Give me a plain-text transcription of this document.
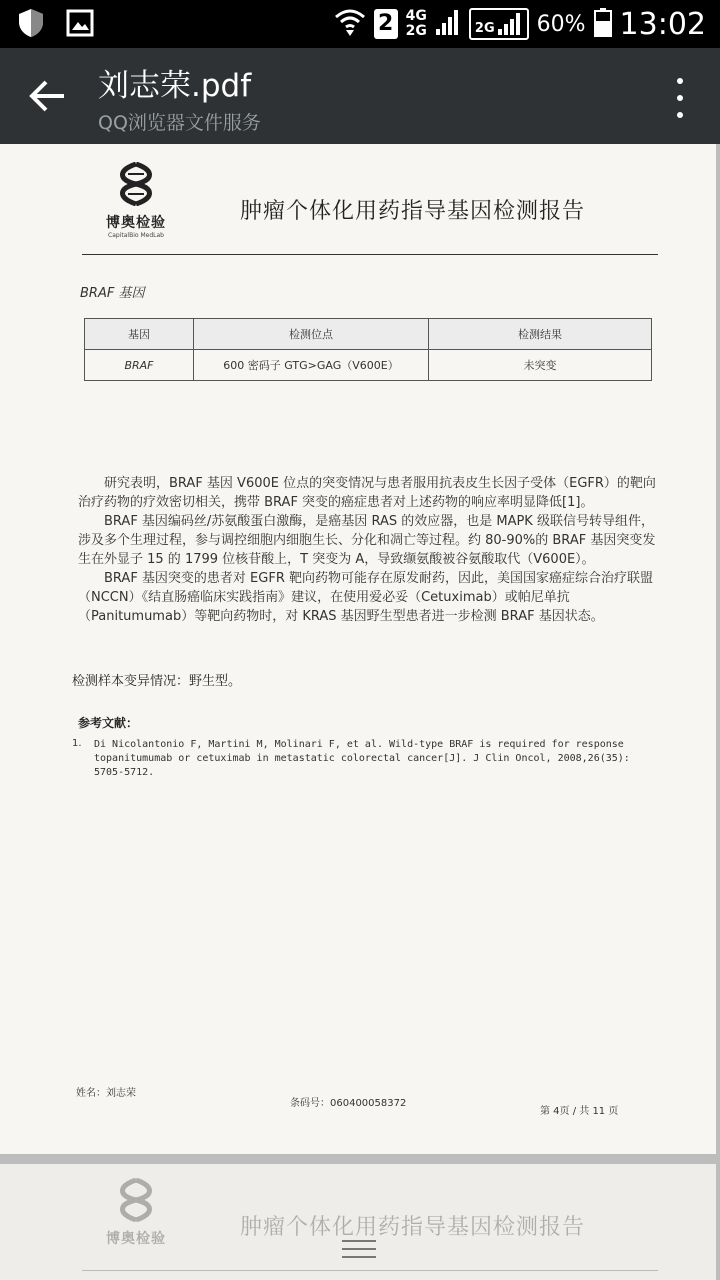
2 4G
2G	2G 60% 13:02
刘志荣.pdf
QQ浏览器文件服务
博奥检验
CapitalBio MedLab
肿瘤个体化用药指导基因检测报告
BRAF 基因
基因	检测位点	检测结果
BRAF	600 密码子 GTG>GAG（V600E）	未突变

研究表明，BRAF 基因 V600E 位点的突变情况与患者服用抗表皮生长因子受体（EGFR）的靶向治疗药物的疗效密切相关，携带 BRAF 突变的癌症患者对上述药物的响应率明显降低[1]。

BRAF 基因编码丝/苏氨酸蛋白激酶，是癌基因 RAS 的效应器，也是 MAPK 级联信号转导组件，涉及多个生理过程，参与调控细胞内细胞生长、分化和凋亡等过程。约 80-90%的 BRAF 基因突变发生在外显子 15 的 1799 位核苷酸上，T 突变为 A，导致缬氨酸被谷氨酸取代（V600E）。

BRAF 基因突变的患者对 EGFR 靶向药物可能存在原发耐药，因此，美国国家癌症综合治疗联盟（NCCN）《结直肠癌临床实践指南》建议，在使用爱必妥（Cetuximab）或帕尼单抗（Panitumumab）等靶向药物时，对 KRAS 基因野生型患者进一步检测 BRAF 基因状态。

检测样本变异情况：野生型。
参考文献：
1. Di Nicolantonio F, Martini M, Molinari F, et al. Wild-type BRAF is required for response topanitumumab or cetuximab in metastatic colorectal cancer[J]. J Clin Oncol, 2008,26(35): 5705-5712.
姓名：刘志荣
条码号：060400058372
第 4页 / 共 11 页
博奥检验	肿瘤个体化用药指导基因检测报告
